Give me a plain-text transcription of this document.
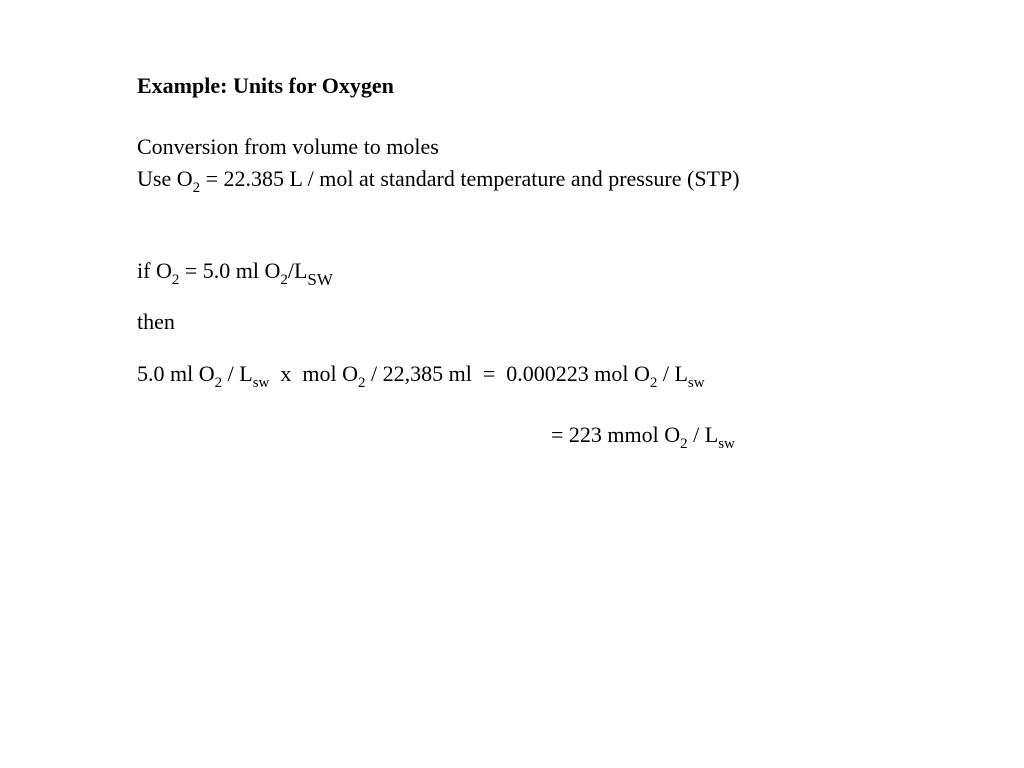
Example: Units for Oxygen
Conversion from volume to moles
Use $O_2 = 22.385$ L / mol at standard temperature and pressure (STP)
if $O_2 = 5.0$ ml $O_2/L_{SW}$
then
5.0 ml $O_2 / L_{sw}$  x  mol $O_2 / 22,385$ ml  =  0.000223 mol $O_2 / L_{sw}$
= 223 mmol $O_2 / L_{sw}$
